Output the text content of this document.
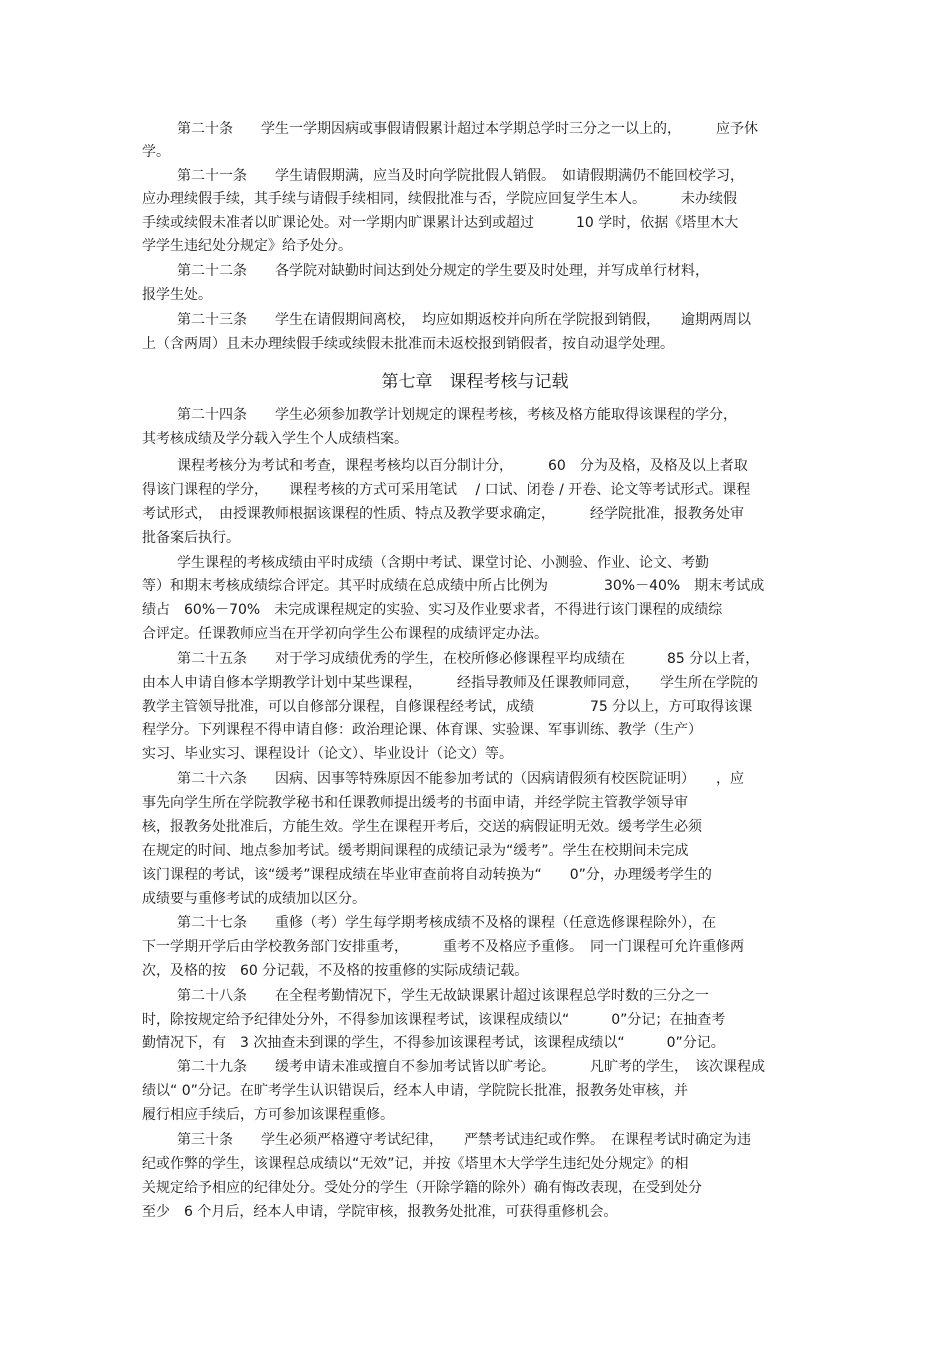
第二十条　　学生一学期因病或事假请假累计超过本学期总学时三分之一以上的，　　　应予休
学。
第二十一条　　学生请假期满，应当及时向学院批假人销假。　如请假期满仍不能回校学习，
应办理续假手续，其手续与请假手续相同，续假批准与否，学院应回复学生本人。　　　未办续假
手续或续假未准者以旷课论处。对一学期内旷课累计达到或超过　　　10 学时，依据《塔里木大
学学生违纪处分规定》给予处分。
第二十二条　　各学院对缺勤时间达到处分规定的学生要及时处理，并写成单行材料，
报学生处。
第二十三条　　学生在请假期间离校，　均应如期返校并向所在学院报到销假，　　逾期两周以
上（含两周）且未办理续假手续或续假未批准而未返校报到销假者，按自动退学处理。
第七章　课程考核与记载
第二十四条　　学生必须参加教学计划规定的课程考核，考核及格方能取得该课程的学分，
其考核成绩及学分载入学生个人成绩档案。
课程考核分为考试和考查，课程考核均以百分制计分，　　　60　分为及格，及格及以上者取
得该门课程的学分，　　课程考核的方式可采用笔试　 / 口试、闭卷 / 开卷、论文等考试形式。课程
考试形式，　由授课教师根据该课程的性质、特点及教学要求确定，　　　经学院批准，报教务处审
批备案后执行。
学生课程的考核成绩由平时成绩（含期中考试、课堂讨论、小测验、作业、论文、考勤
等）和期末考核成绩综合评定。其平时成绩在总成绩中所占比例为　　　　30%－40%　期末考试成
绩占　60%－70%　未完成课程规定的实验、实习及作业要求者，不得进行该门课程的成绩综
合评定。任课教师应当在开学初向学生公布课程的成绩评定办法。
第二十五条　　对于学习成绩优秀的学生，在校所修必修课程平均成绩在　　　85 分以上者，
由本人申请自修本学期教学计划中某些课程，　　　经指导教师及任课教师同意，　　学生所在学院的
教学主管领导批准，可以自修部分课程，自修课程经考试，成绩　　　　75 分以上，方可取得该课
程学分。下列课程不得申请自修：政治理论课、体育课、实验课、军事训练、教学（生产）
实习、毕业实习、课程设计（论文）、毕业设计（论文）等。
第二十六条　　因病、因事等特殊原因不能参加考试的（因病请假须有校医院证明）　　，应
事先向学生所在学院教学秘书和任课教师提出缓考的书面申请，并经学院主管教学领导审
核，报教务处批准后，方能生效。学生在课程开考后，交送的病假证明无效。缓考学生必须
在规定的时间、地点参加考试。缓考期间课程的成绩记录为“缓考”。学生在校期间未完成
该门课程的考试，该“缓考”课程成绩在毕业审查前将自动转换为“　　0”分，办理缓考学生的
成绩要与重修考试的成绩加以区分。
第二十七条　　重修（考）学生每学期考核成绩不及格的课程（任意选修课程除外），在
下一学期开学后由学校教务部门安排重考，　　　重考不及格应予重修。　同一门课程可允许重修两
次，及格的按　60 分记载，不及格的按重修的实际成绩记载。
第二十八条　　在全程考勤情况下，学生无故缺课累计超过该课程总学时数的三分之一
时，除按规定给予纪律处分外，不得参加该课程考试，该课程成绩以“　　　0”分记；在抽查考
勤情况下，有　3 次抽查未到课的学生，不得参加该课程考试，该课程成绩以“　　　0”分记。
第二十九条　　缓考申请未准或擅自不参加考试皆以旷考论。　　　凡旷考的学生，　该次课程成
绩以“ 0”分记。在旷考学生认识错误后，经本人申请，学院院长批准，报教务处审核，并
履行相应手续后，方可参加该课程重修。
第三十条　　学生必须严格遵守考试纪律，　　严禁考试违纪或作弊。　在课程考试时确定为违
纪或作弊的学生，该课程总成绩以“无效”记，并按《塔里木大学学生违纪处分规定》的相
关规定给予相应的纪律处分。受处分的学生（开除学籍的除外）确有悔改表现，在受到处分
至少　6 个月后，经本人申请，学院审核，报教务处批准，可获得重修机会。
